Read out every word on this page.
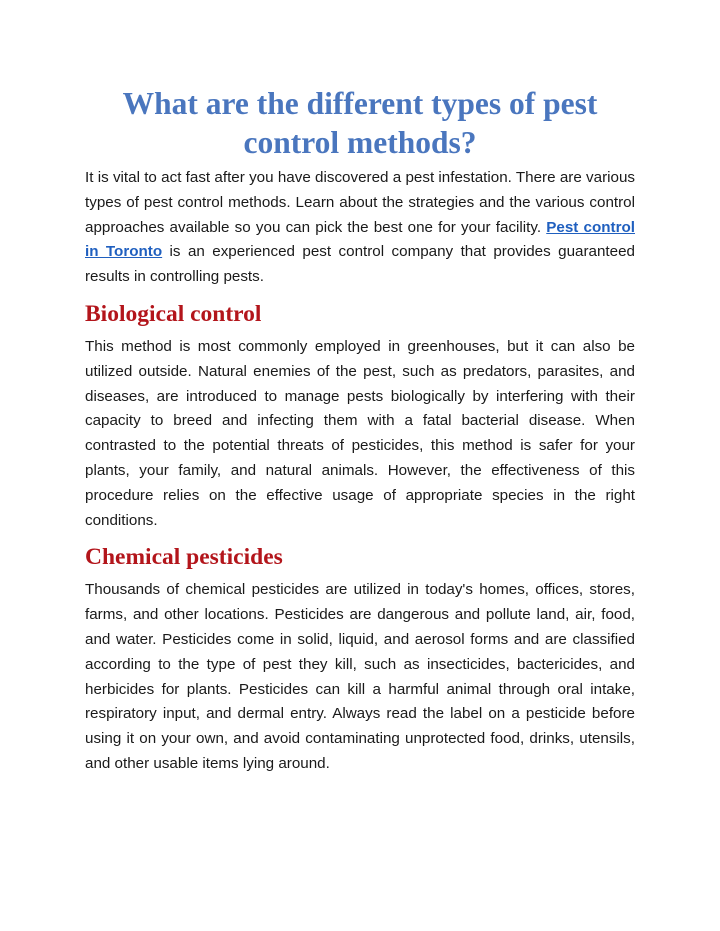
What are the different types of pest control methods?

It is vital to act fast after you have discovered a pest infestation. There are various types of pest control methods. Learn about the strategies and the various control approaches available so you can pick the best one for your facility. Pest control in Toronto is an experienced pest control company that provides guaranteed results in controlling pests.

Biological control

This method is most commonly employed in greenhouses, but it can also be utilized outside. Natural enemies of the pest, such as predators, parasites, and diseases, are introduced to manage pests biologically by interfering with their capacity to breed and infecting them with a fatal bacterial disease. When contrasted to the potential threats of pesticides, this method is safer for your plants, your family, and natural animals. However, the effectiveness of this procedure relies on the effective usage of appropriate species in the right conditions.

Chemical pesticides

Thousands of chemical pesticides are utilized in today's homes, offices, stores, farms, and other locations. Pesticides are dangerous and pollute land, air, food, and water. Pesticides come in solid, liquid, and aerosol forms and are classified according to the type of pest they kill, such as insecticides, bactericides, and herbicides for plants. Pesticides can kill a harmful animal through oral intake, respiratory input, and dermal entry. Always read the label on a pesticide before using it on your own, and avoid contaminating unprotected food, drinks, utensils, and other usable items lying around.
